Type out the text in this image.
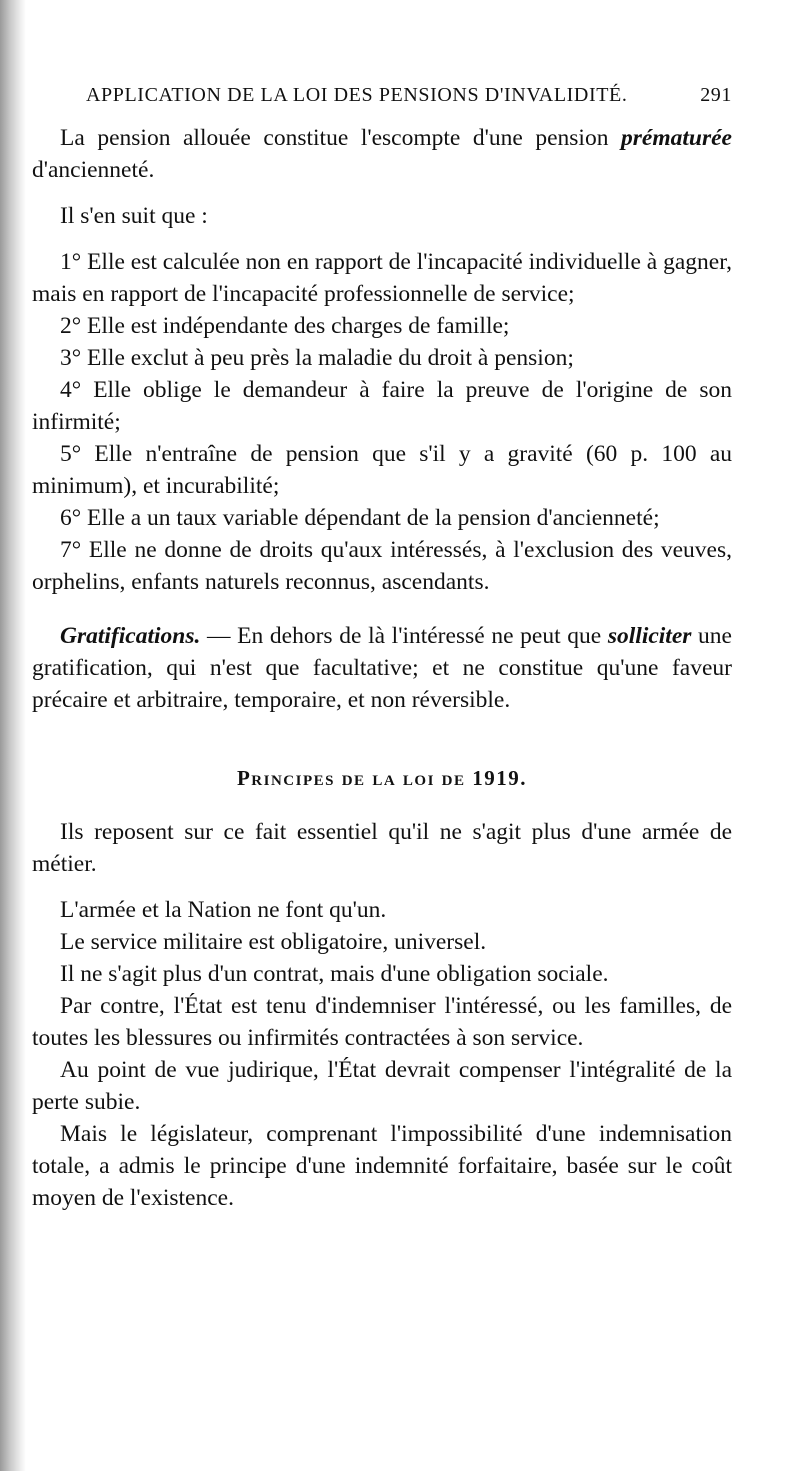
APPLICATION DE LA LOI DES PENSIONS D'INVALIDITÉ.	291

La pension allouée constitue l'escompte d'une pension prématurée d'ancienneté.

Il s'en suit que :

1° Elle est calculée non en rapport de l'incapacité individuelle à gagner, mais en rapport de l'incapacité professionnelle de service;

2° Elle est indépendante des charges de famille;

3° Elle exclut à peu près la maladie du droit à pension;

4° Elle oblige le demandeur à faire la preuve de l'origine de son infirmité;

5° Elle n'entraîne de pension que s'il y a gravité (60 p. 100 au minimum), et incurabilité;

6° Elle a un taux variable dépendant de la pension d'ancienneté;

7° Elle ne donne de droits qu'aux intéressés, à l'exclusion des veuves, orphelins, enfants naturels reconnus, ascendants.

Gratifications. — En dehors de là l'intéressé ne peut que solliciter une gratification, qui n'est que facultative; et ne constitue qu'une faveur précaire et arbitraire, temporaire, et non réversible.

Principes de la loi de 1919.

Ils reposent sur ce fait essentiel qu'il ne s'agit plus d'une armée de métier.

L'armée et la Nation ne font qu'un.

Le service militaire est obligatoire, universel.

Il ne s'agit plus d'un contrat, mais d'une obligation sociale.

Par contre, l'État est tenu d'indemniser l'intéressé, ou les familles, de toutes les blessures ou infirmités contractées à son service.

Au point de vue judirique, l'État devrait compenser l'intégralité de la perte subie.

Mais le législateur, comprenant l'impossibilité d'une indemnisation totale, a admis le principe d'une indemnité forfaitaire, basée sur le coût moyen de l'existence.
